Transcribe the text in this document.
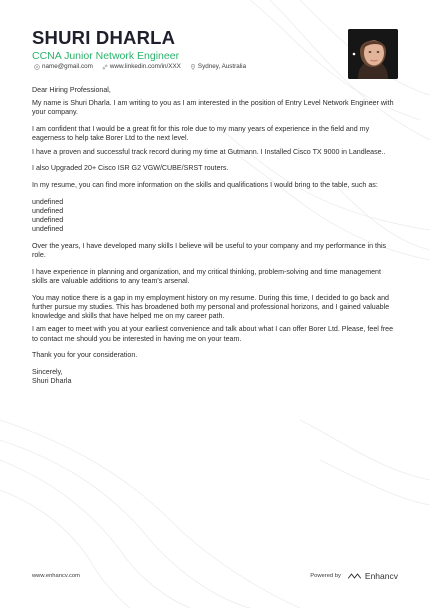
SHURI DHARLA
CCNA Junior Network Engineer
name@gmail.com	www.linkedin.com/in/XXX	Sydney, Australia

Dear Hiring Professional,

My name is Shuri Dharla. I am writing to you as I am interested in the position of Entry Level Network Engineer with your company.

I am confident that I would be a great fit for this role due to my many years of experience in the field and my eagerness to help take Borer Ltd to the next level.

I have a proven and successful track record during my time at Gutmann. I Installed Cisco TX 9000 in Landlease..

I also Upgraded 20+ Cisco ISR G2 VGW/CUBE/SRST routers.

In my resume, you can find more information on the skills and qualifications I would bring to the table, such as:

undefined
undefined
undefined
undefined

Over the years, I have developed many skills I believe will be useful to your company and my performance in this role.

I have experience in planning and organization, and my critical thinking, problem-solving and time management skills are valuable additions to any team's arsenal.

You may notice there is a gap in my employment history on my resume. During this time, I decided to go back and further pursue my studies. This has broadened both my personal and professional horizons, and I gained valuable knowledge and skills that have helped me on my career path.

I am eager to meet with you at your earliest convenience and talk about what I can offer Borer Ltd. Please, feel free to contact me should you be interested in having me on your team.

Thank you for your consideration.

Sincerely,

Shuri Dharla

www.enhancv.com	Powered by	Enhancv
